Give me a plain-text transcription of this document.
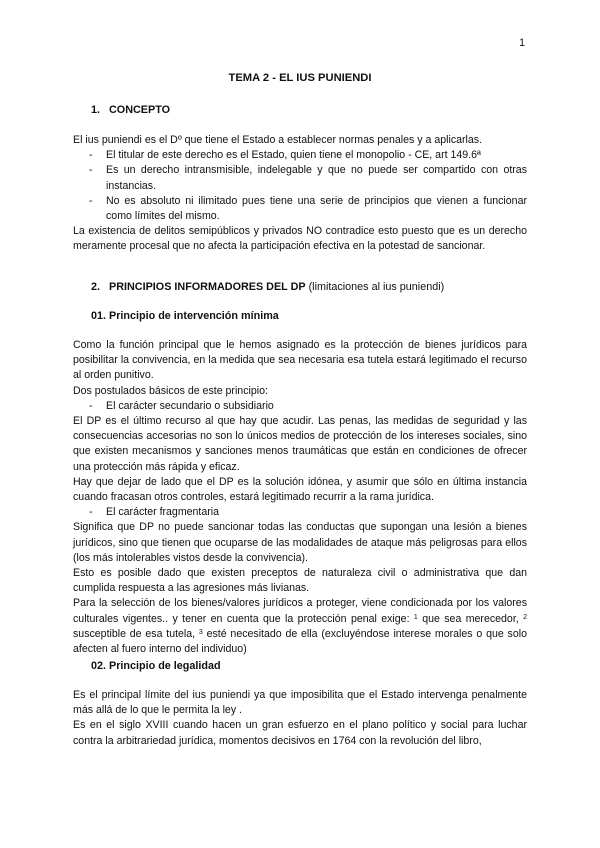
1
TEMA 2 - EL IUS PUNIENDI
1. CONCEPTO
El ius puniendi es el Dº que tiene el Estado a establecer normas penales y a aplicarlas.
- El titular de este derecho es el Estado, quien tiene el monopolio - CE, art 149.6ª
- Es un derecho intransmisible, indelegable y que no puede ser compartido con otras instancias.
- No es absoluto ni ilimitado pues tiene una serie de principios que vienen a funcionar como límites del mismo.
La existencia de delitos semipúblicos y privados NO contradice esto puesto que es un derecho meramente procesal que no afecta la participación efectiva en la potestad de sancionar.
2. PRINCIPIOS INFORMADORES DEL DP (limitaciones al ius puniendi)
01. Principio de intervención mínima
Como la función principal que le hemos asignado es la protección de bienes jurídicos para posibilitar la convivencia, en la medida que sea necesaria esa tutela estará legitimado el recurso al orden punitivo.
Dos postulados básicos de este principio:
- El carácter secundario o subsidiario
El DP es el último recurso al que hay que acudir. Las penas, las medidas de seguridad y las consecuencias accesorias no son lo únicos medios de protección de los intereses sociales, sino que existen mecanismos y sanciones menos traumáticas que están en condiciones de ofrecer una protección más rápida y eficaz.
Hay que dejar de lado que el DP es la solución idónea, y asumir que sólo en última instancia cuando fracasan otros controles, estará legitimado recurrir a la rama jurídica.
- El carácter fragmentaria
Significa que DP no puede sancionar todas las conductas que supongan una lesión a bienes jurídicos, sino que tienen que ocuparse de las modalidades de ataque más peligrosas para ellos (los más intolerables vistos desde la convivencia).
Esto es posible dado que existen preceptos de naturaleza civil o administrativa que dan cumplida respuesta a las agresiones más livianas.
Para la selección de los bienes/valores jurídicos a proteger, viene condicionada por los valores culturales vigentes.. y tener en cuenta que la protección penal exige: $^1$ que sea merecedor, $^2$ susceptible de esa tutela, $^3$ esté necesitado de ella (excluyéndose interese morales o que solo afecten al fuero interno del individuo)
02. Principio de legalidad
Es el principal límite del ius puniendi ya que imposibilita que el Estado intervenga penalmente más allá de lo que le permita la ley .
Es en el siglo XVIII cuando hacen un gran esfuerzo en el plano político y social para luchar contra la arbitrariedad jurídica, momentos decisivos en 1764 con la revolución del libro,
